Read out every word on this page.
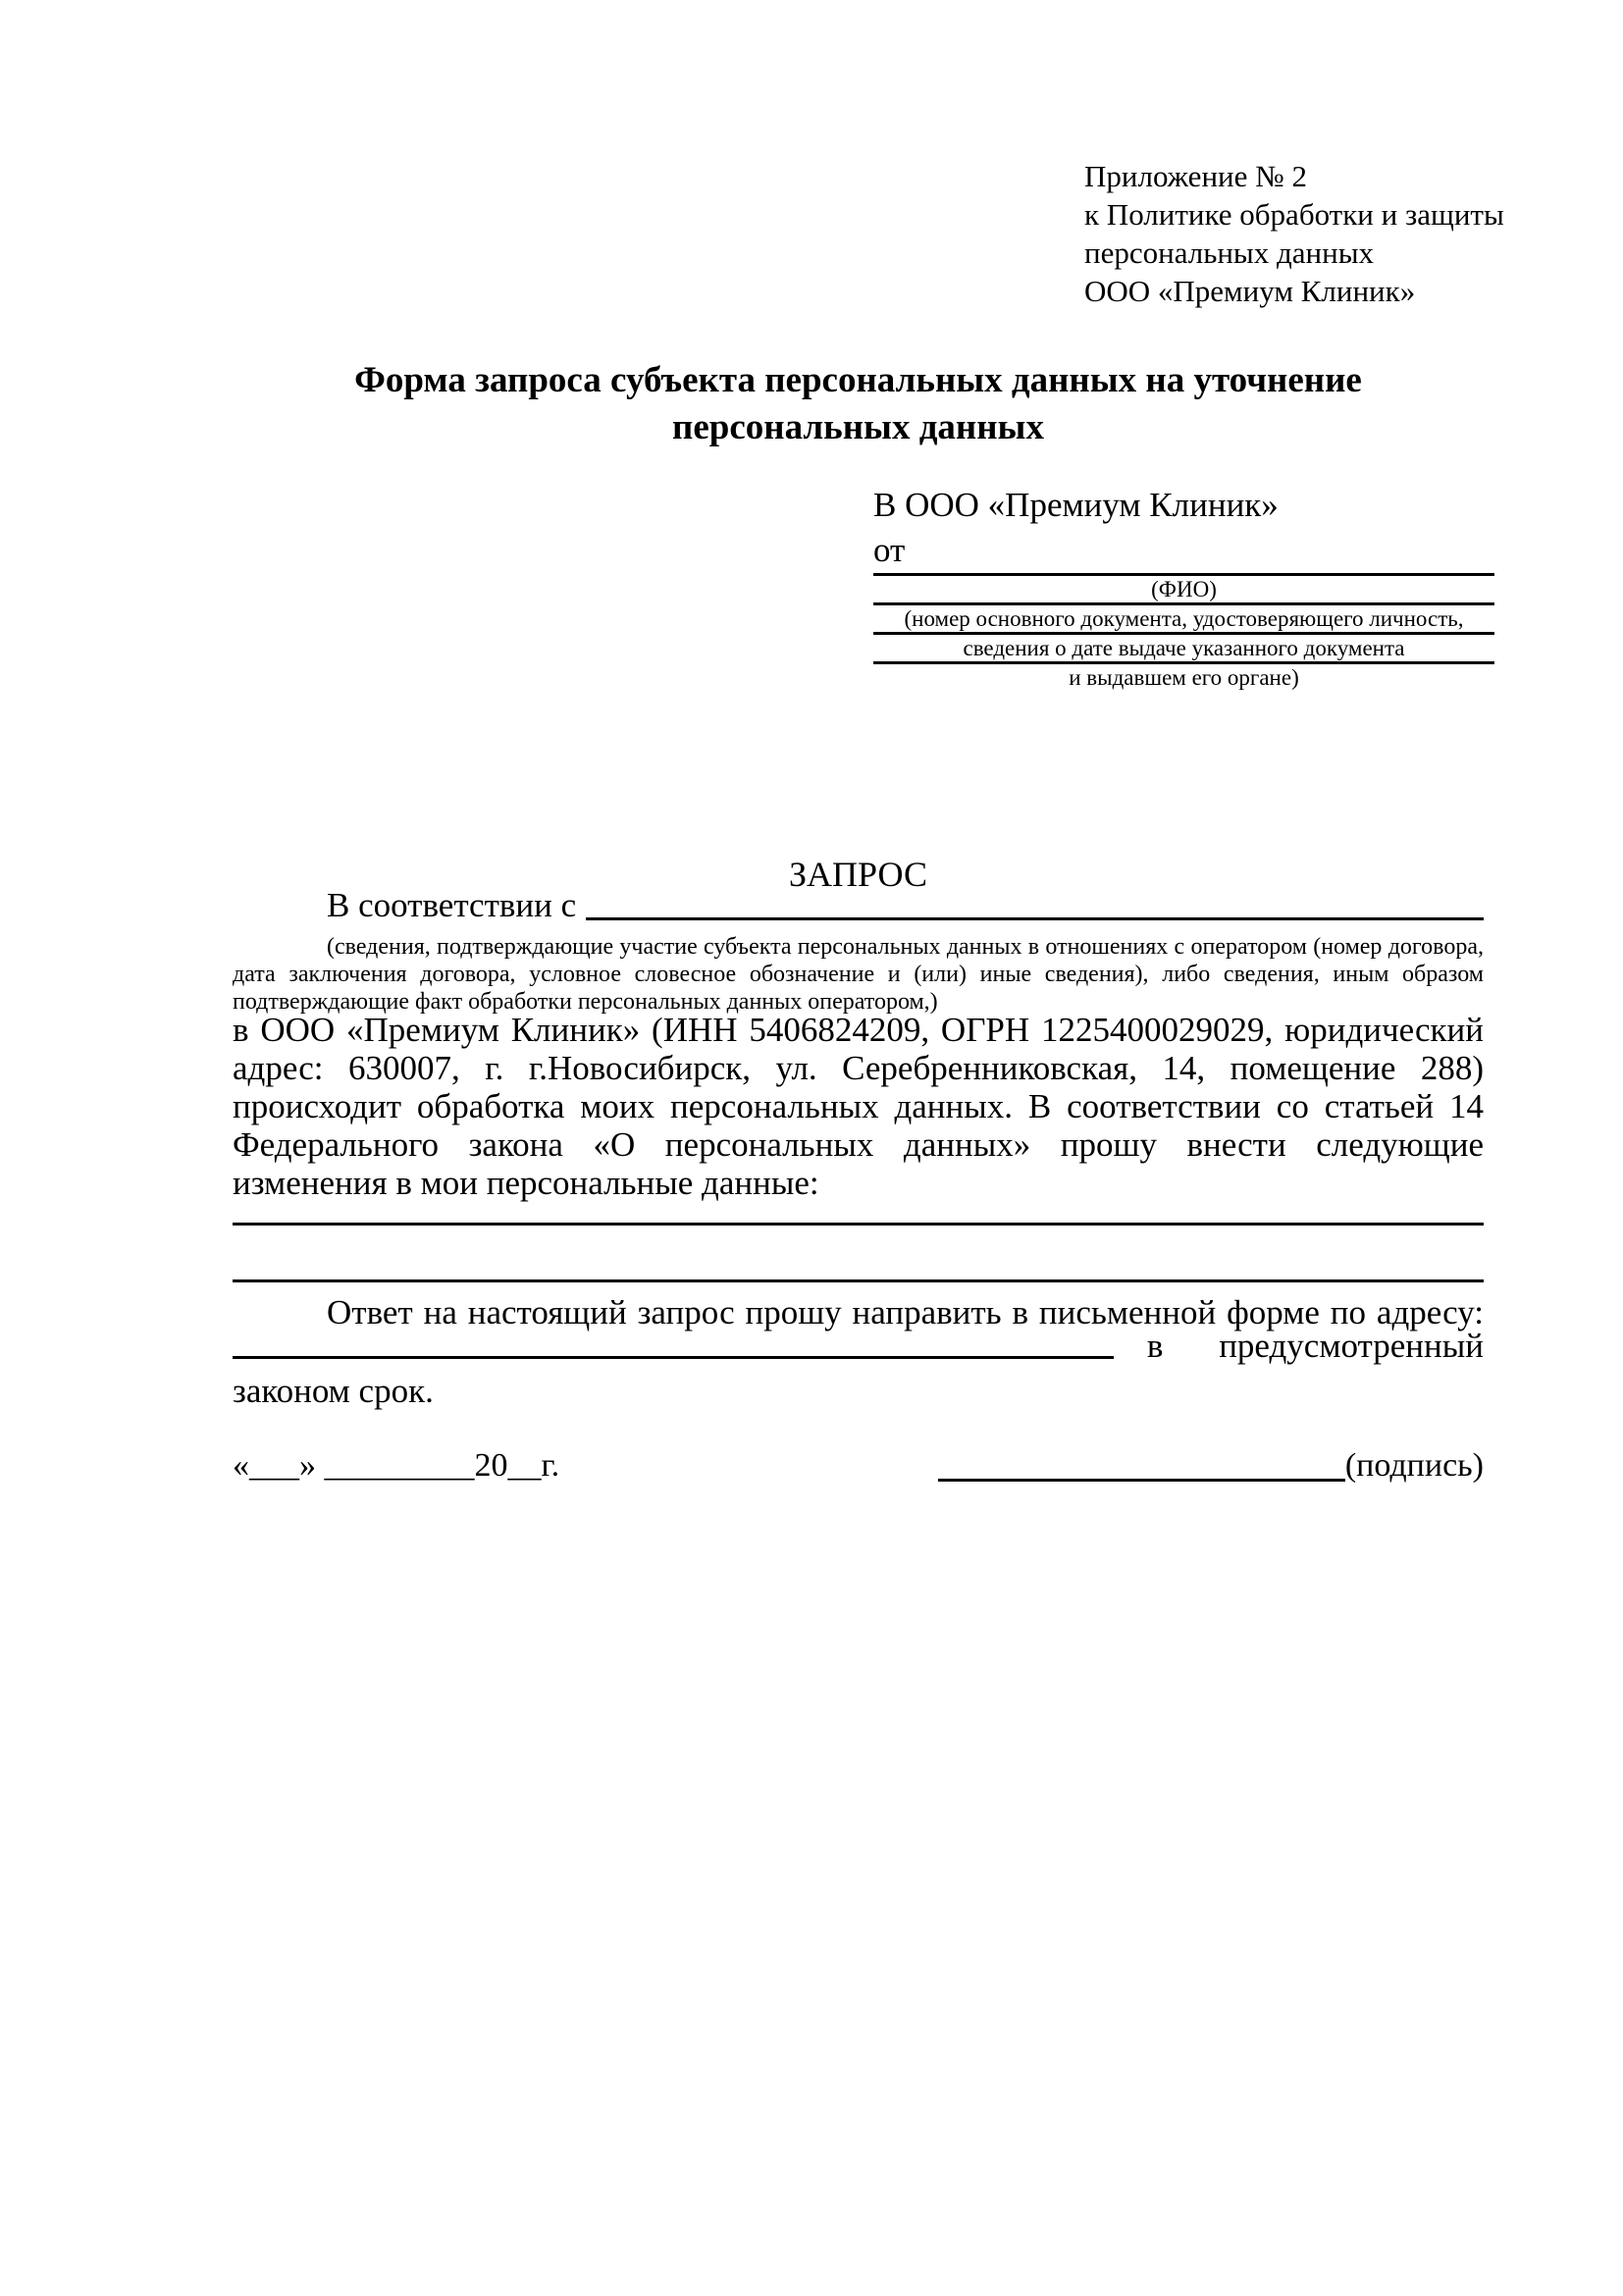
Приложение № 2
к Политике обработки и защиты
персональных данных
ООО «Премиум Клиник»
Форма запроса субъекта персональных данных на уточнение персональных данных
В ООО «Премиум Клиник»
от
(ФИО)
(номер основного документа, удостоверяющего личность,
сведения о дате выдаче указанного документа
и выдавшем его органе)
ЗАПРОС
В соответствии с
(сведения, подтверждающие участие субъекта персональных данных в отношениях с оператором (номер договора, дата заключения договора, условное словесное обозначение и (или) иные сведения), либо сведения, иным образом подтверждающие факт обработки персональных данных оператором,)
в ООО «Премиум Клиник» (ИНН 5406824209, ОГРН 1225400029029, юридический адрес: 630007, г. г.Новосибирск, ул. Серебренниковская, 14, помещение 288) происходит обработка моих персональных данных. В соответствии со статьей 14 Федерального закона «О персональных данных» прошу внести следующие изменения в мои персональные данные:
Ответ на настоящий запрос прошу направить в письменной форме по адресу:
в предусмотренный
законом срок.
«___» _________20__г.	(подпись)
